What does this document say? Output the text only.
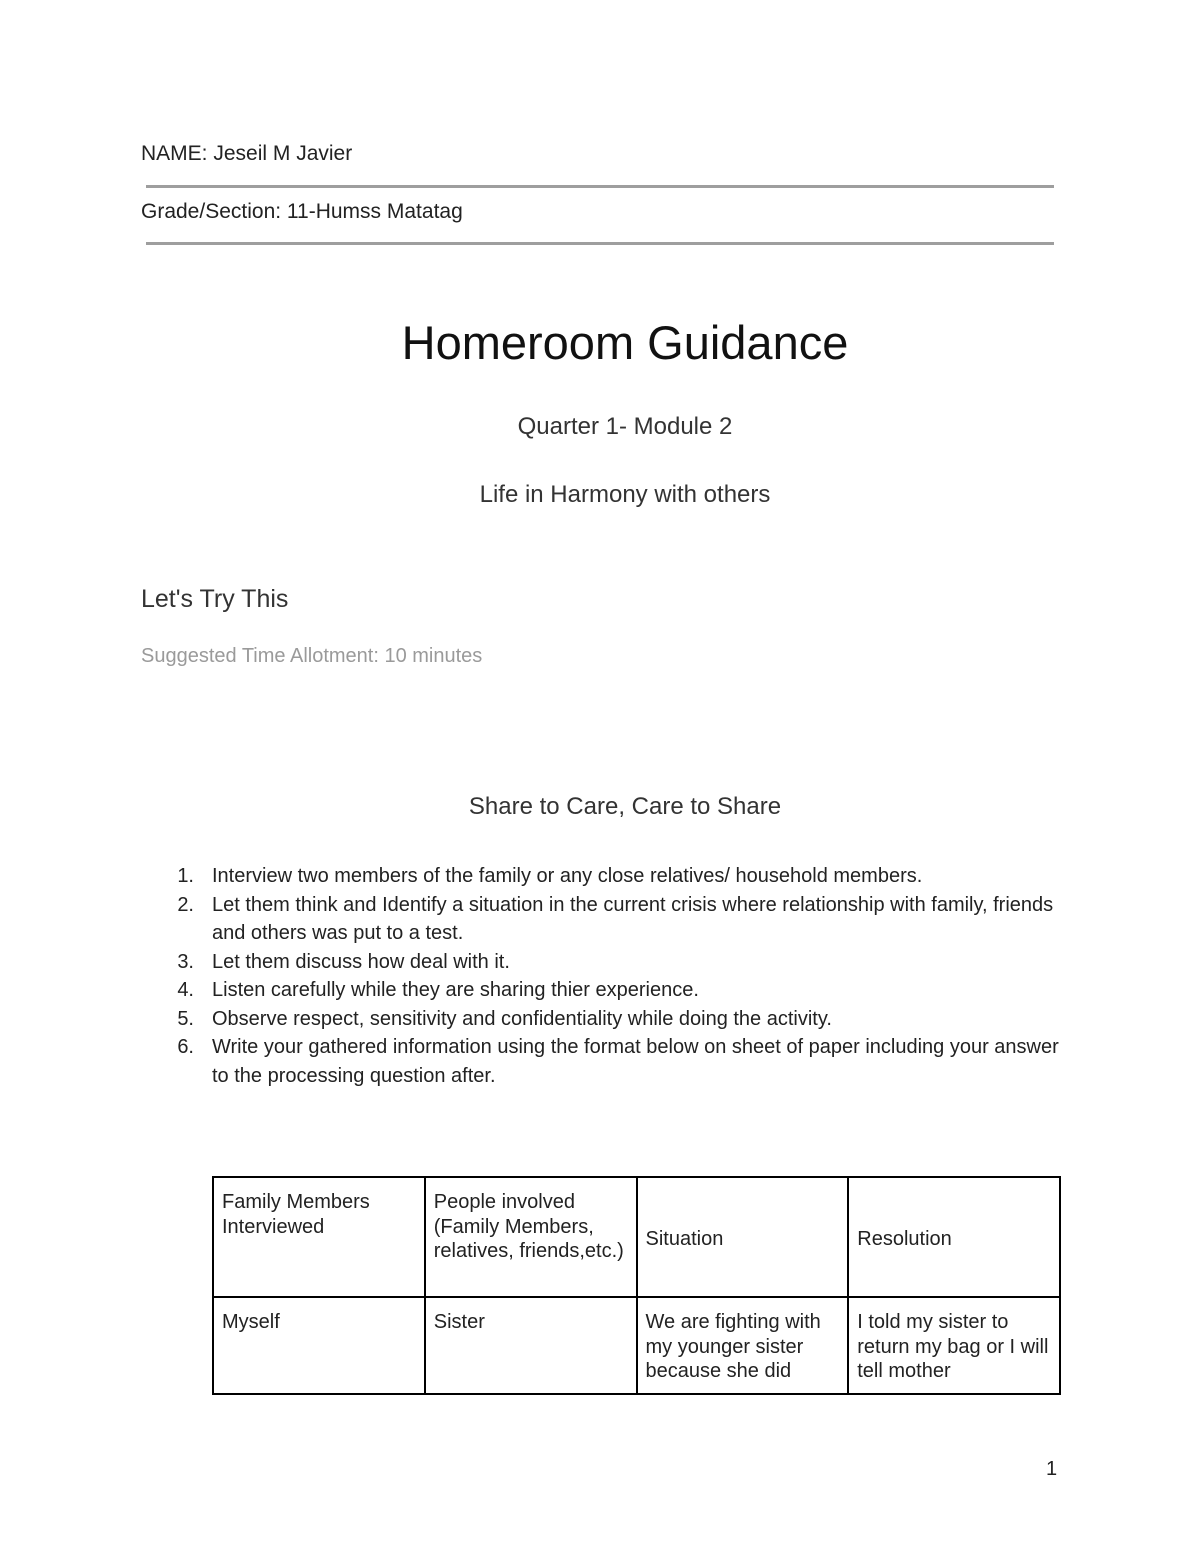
NAME: Jeseil M Javier
Grade/Section: 11-Humss Matatag
Homeroom Guidance
Quarter 1- Module 2
Life in Harmony with others
Let's Try This
Suggested Time Allotment: 10 minutes
Share to Care, Care to Share
1. Interview two members of the family or any close relatives/ household members.
2. Let them think and Identify a situation in the current crisis where relationship with family, friends and others was put to a test.
3. Let them discuss how deal with it.
4. Listen carefully while they are sharing thier experience.
5. Observe respect, sensitivity and confidentiality while doing the activity.
6. Write your gathered information using the format below on sheet of paper including your answer to the processing question after.
Family Members Interviewed	People involved (Family Members, relatives, friends,etc.)	Situation	Resolution
Myself	Sister	We are fighting with my younger sister because she did	I told my sister to return my bag or I will tell mother
1
